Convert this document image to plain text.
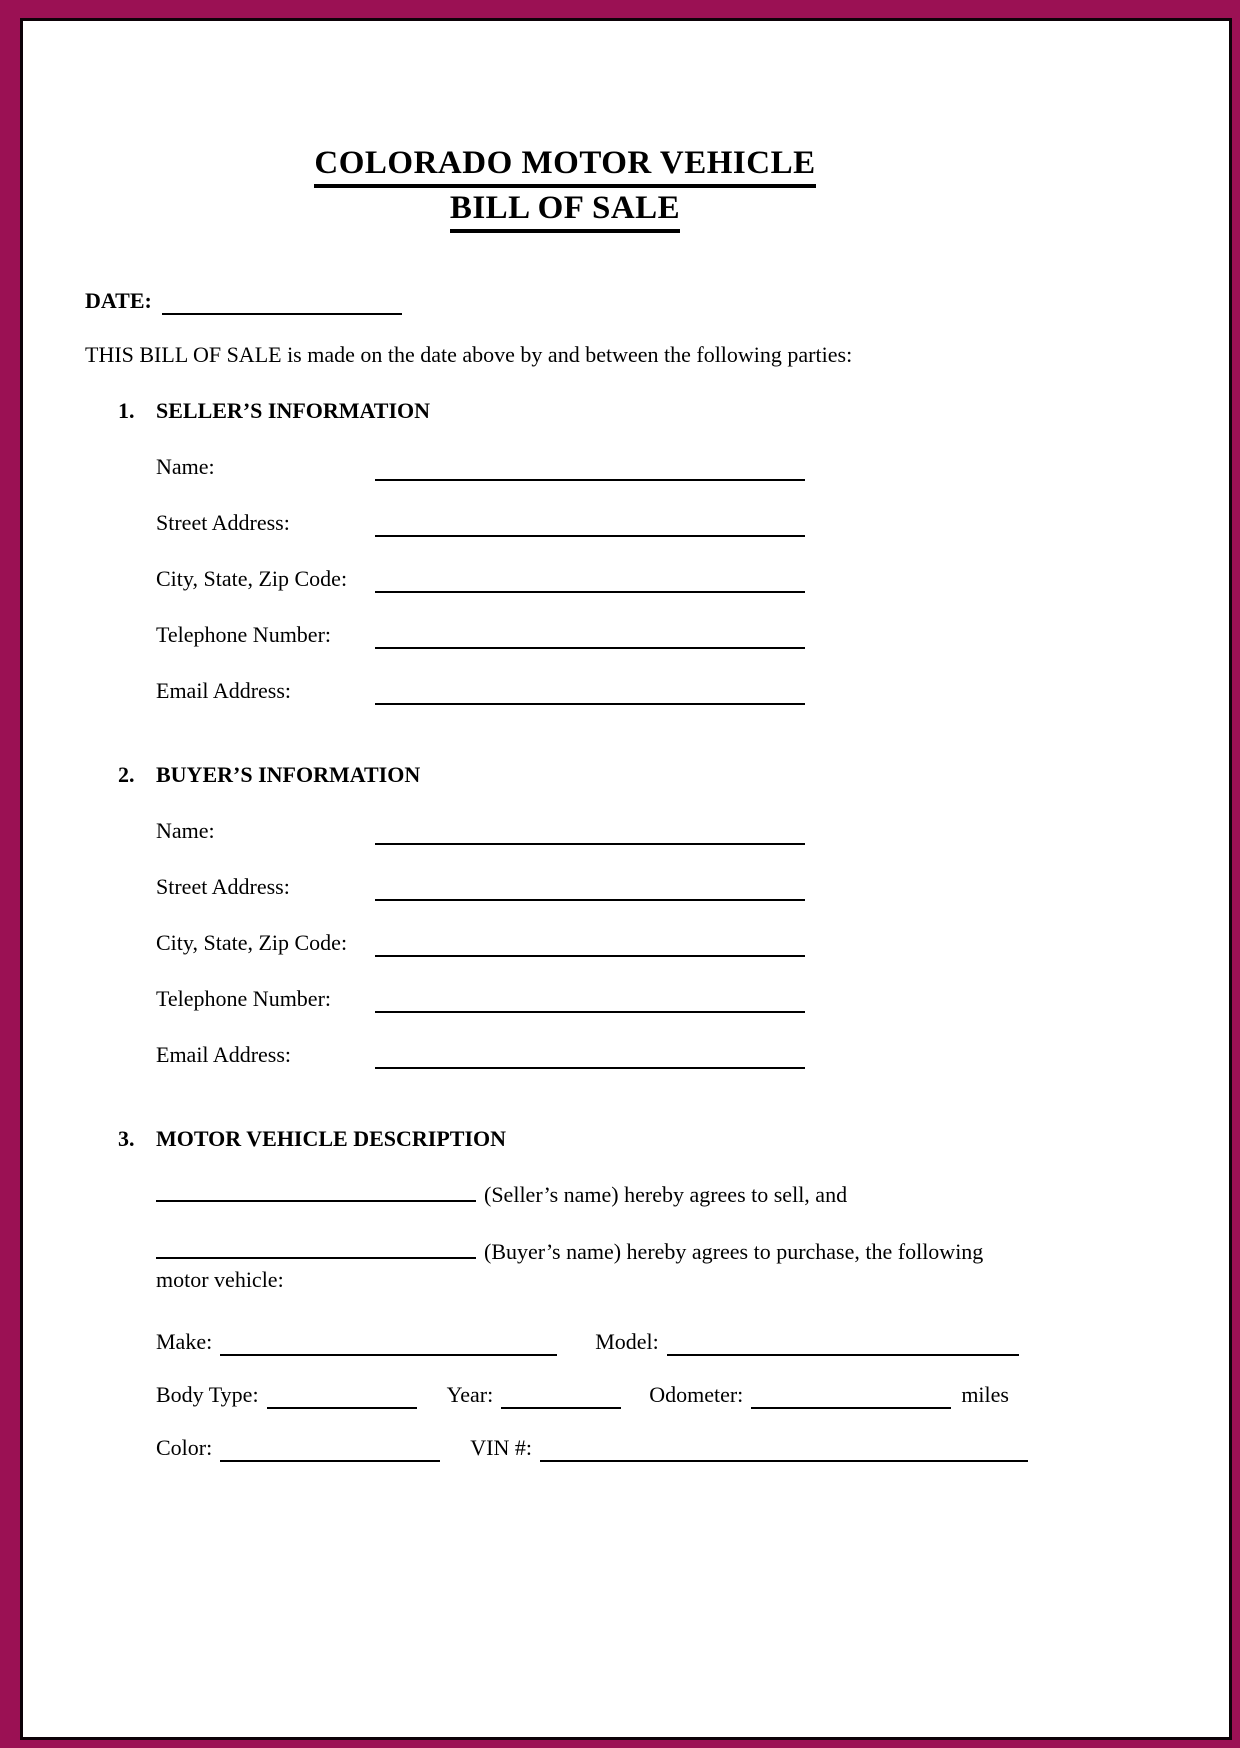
COLORADO MOTOR VEHICLE
BILL OF SALE
DATE:

THIS BILL OF SALE is made on the date above by and between the following parties:

1. SELLER’S INFORMATION
Name:
Street Address:
City, State, Zip Code:
Telephone Number:
Email Address:
2. BUYER’S INFORMATION
Name:
Street Address:
City, State, Zip Code:
Telephone Number:
Email Address:
3. MOTOR VEHICLE DESCRIPTION

(Seller’s name) hereby agrees to sell, and

(Buyer’s name) hereby agrees to purchase, the following
motor vehicle:

Make:	Model:
Body Type:	Year:	Odometer:	miles
Color:	VIN #:
